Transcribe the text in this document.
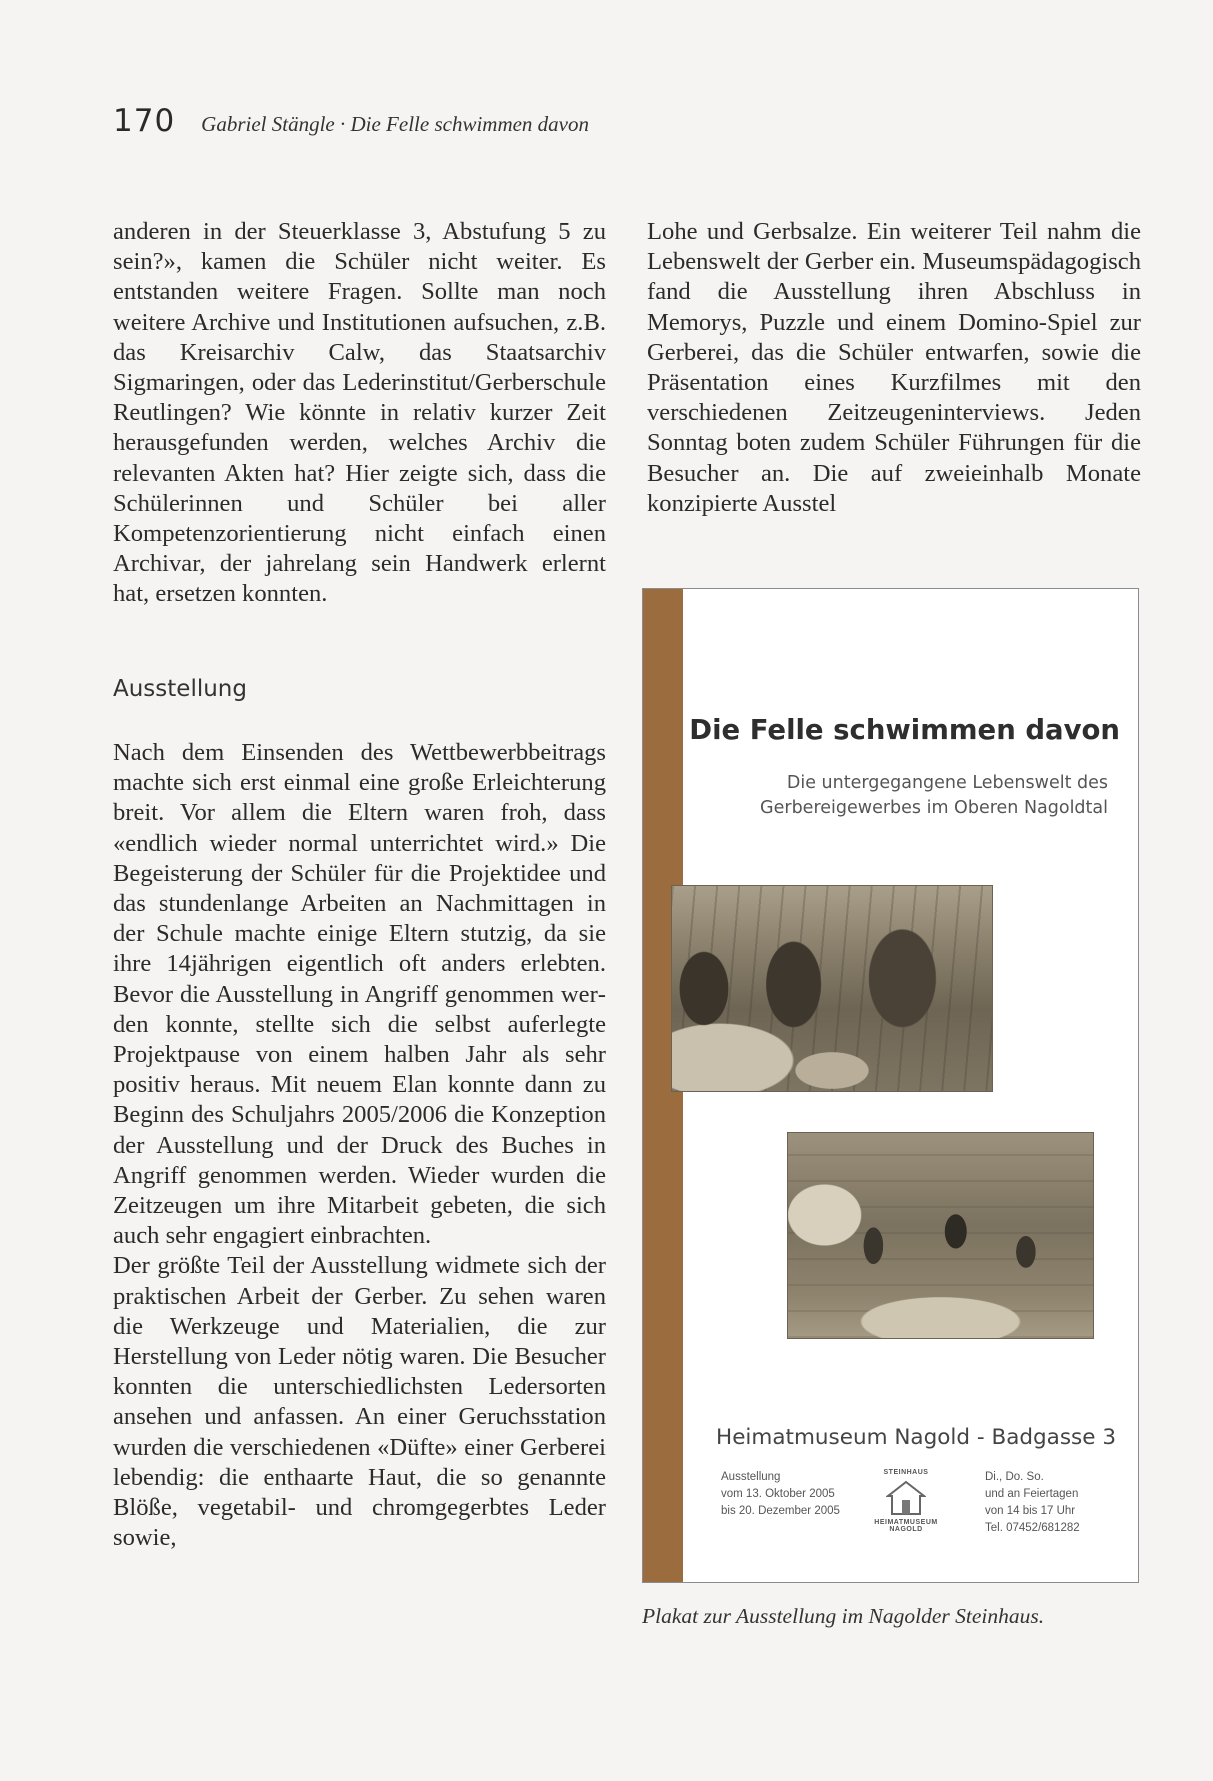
170 Gabriel Stängle · Die Felle schwimmen davon

anderen in der Steuerklasse 3, Abstufung 5 zu sein?», kamen die Schüler nicht weiter. Es entstanden weitere Fragen. Sollte man noch weitere Archive und Institutionen aufsuchen, z.B. das Kreisarchiv Calw, das Staatsarchiv Sigmaringen, oder das Lederinstitut/Gerberschule Reutlingen? Wie könnte in relativ kurzer Zeit herausgefunden werden, welches Archiv die relevanten Akten hat? Hier zeigte sich, dass die Schülerinnen und Schüler bei aller Kompetenzorientierung nicht einfach einen Archivar, der jahrelang sein Handwerk erlernt hat, ersetzen konnten.

Ausstellung

Nach dem Einsenden des Wettbewerbbeitrags machte sich erst einmal eine große Erleichterung breit. Vor allem die Eltern waren froh, dass «endlich wieder normal unterrichtet wird.» Die Begeisterung der Schüler für die Projektidee und das stundenlange Arbeiten an Nachmittagen in der Schule machte einige Eltern stutzig, da sie ihre 14jährigen eigentlich oft anders erlebten. Bevor die Ausstellung in Angriff genommen werden konnte, stellte sich die selbst auferlegte Projektpause von einem halben Jahr als sehr positiv heraus. Mit neuem Elan konnte dann zu Beginn des Schuljahrs 2005/2006 die Konzeption der Ausstellung und der Druck des Buches in Angriff genommen werden. Wieder wurden die Zeitzeugen um ihre Mitarbeit gebeten, die sich auch sehr engagiert einbrachten.

Der größte Teil der Ausstellung widmete sich der praktischen Arbeit der Gerber. Zu sehen waren die Werkzeuge und Materialien, die zur Herstellung von Leder nötig waren. Die Besucher konnten die unterschiedlichsten Ledersorten ansehen und anfassen. An einer Geruchsstation wurden die verschiedenen «Düfte» einer Gerberei lebendig: die enthaarte Haut, die so genannte Blöße, vegetabil- und chromgegerbtes Leder sowie,

Lohe und Gerbsalze. Ein weiterer Teil nahm die Lebenswelt der Gerber ein. Museumspädagogisch fand die Ausstellung ihren Abschluss in Memorys, Puzzle und einem Domino-Spiel zur Gerberei, das die Schüler entwarfen, sowie die Präsentation eines Kurzfilmes mit den verschiedenen Zeitzeugeninterviews. Jeden Sonntag boten zudem Schüler Führungen für die Besucher an. Die auf zweieinhalb Monate konzipierte Ausstel

Die Felle schwimmen davon
Die untergegangene Lebenswelt des
Gerbereigewerbes im Oberen Nagoldtal
Heimatmuseum Nagold - Badgasse 3
Ausstellung
vom 13. Oktober 2005
bis 20. Dezember 2005
STEINHAUS
HEIMATMUSEUM NAGOLD
Di., Do. So.
und an Feiertagen
von 14 bis 17 Uhr
Tel. 07452/681282
Plakat zur Ausstellung im Nagolder Steinhaus.
